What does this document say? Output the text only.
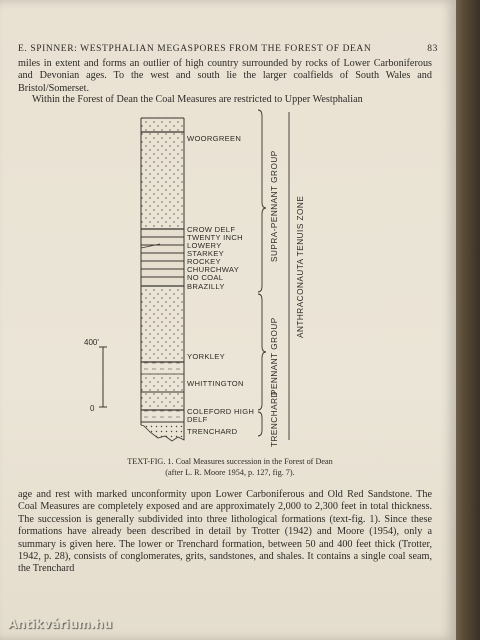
E. SPINNER: WESTPHALIAN MEGASPORES FROM THE FOREST OF DEAN	83
miles in extent and forms an outlier of high country surrounded by rocks of Lower Carboniferous and Devonian ages. To the west and south lie the larger coalfields of South Wales and Bristol/Somerset.
Within the Forest of Dean the Coal Measures are restricted to Upper Westphalian
WOORGREEN
CROW DELF
TWENTY INCH
LOWERY
STARKEY
ROCKEY
CHURCHWAY
NO COAL
BRAZILLY
YORKLEY
WHITTINGTON
COLEFORD HIGH
DELF
TRENCHARD
400'
0
SUPRA-PENNANT GROUP
PENNANT GROUP
TRENCHARD
ANTHRACONAUTA TENUIS ZONE
TEXT-FIG. 1. Coal Measures succession in the Forest of Dean
(after L. R. Moore 1954, p. 127, fig. 7).
age and rest with marked unconformity upon Lower Carboniferous and Old Red Sandstone. The Coal Measures are completely exposed and are approximately 2,000 to 2,300 feet in total thickness. The succession is generally subdivided into three lithological formations (text-fig. 1). Since these formations have already been described in detail by Trotter (1942) and Moore (1954), only a summary is given here. The lower or Trenchard formation, between 50 and 400 feet thick (Trotter, 1942, p. 28), consists of conglomerates, grits, sandstones, and shales. It contains a single coal seam, the Trenchard
Antikvárium.hu
